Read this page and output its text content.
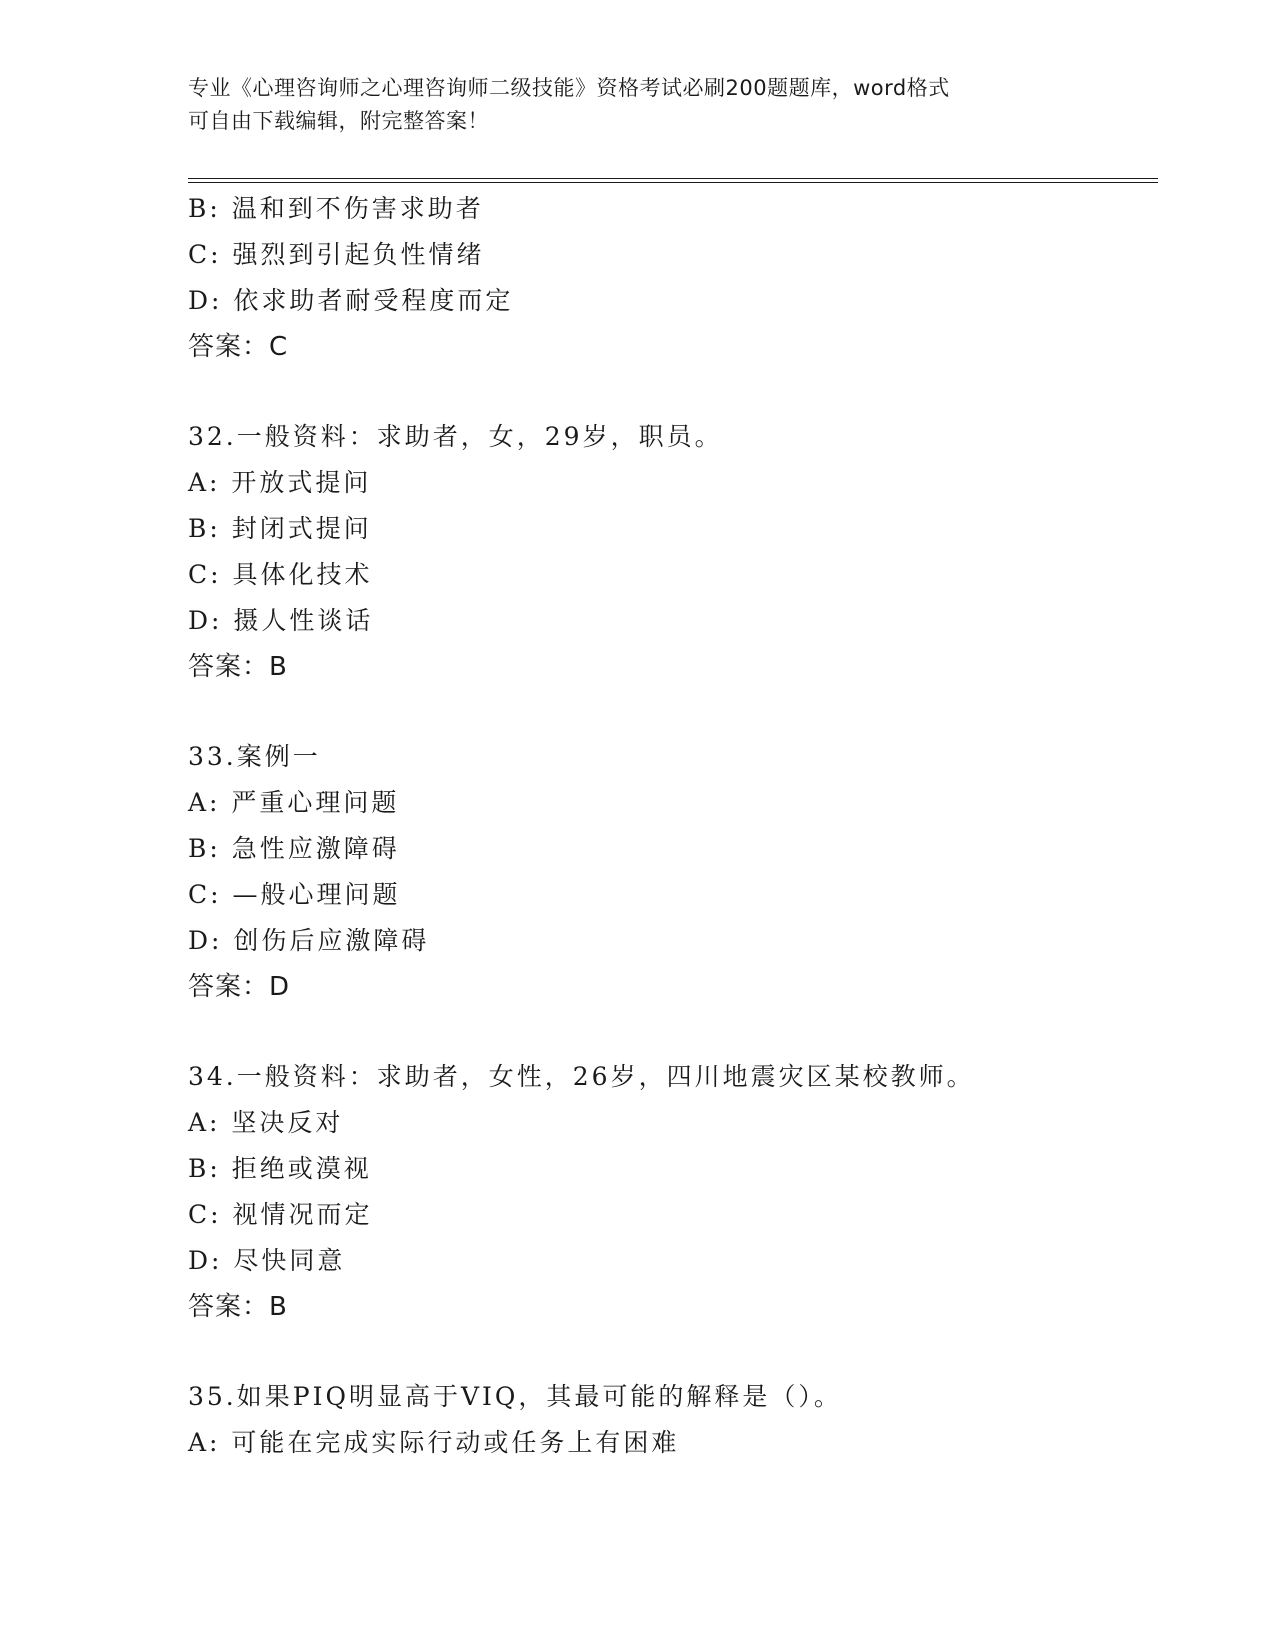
专业《心理咨询师之心理咨询师二级技能》资格考试必刷200题题库，word格式
可自由下载编辑，附完整答案！
B: 温和到不伤害求助者
C: 强烈到引起负性情绪
D: 依求助者耐受程度而定
答案：C
32.一般资料：求助者，女，29岁，职员。
A: 开放式提问
B: 封闭式提问
C: 具体化技术
D: 摄人性谈话
答案：B
33.案例一
A: 严重心理问题
B: 急性应激障碍
C: —般心理问题
D: 创伤后应激障碍
答案：D
34.一般资料：求助者，女性，26岁，四川地震灾区某校教师。
A: 坚决反对
B: 拒绝或漠视
C: 视情况而定
D: 尽快同意
答案：B
35.如果PIQ明显高于VIQ，其最可能的解释是（）。
A: 可能在完成实际行动或任务上有困难
